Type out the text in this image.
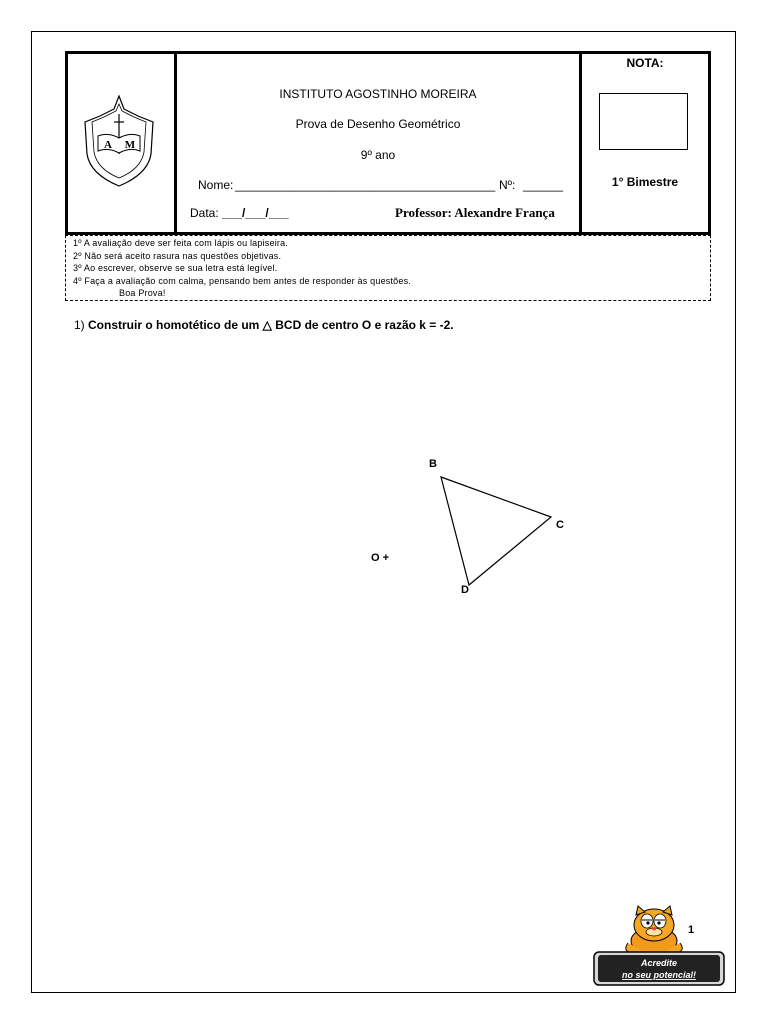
A M
INSTITUTO AGOSTINHO MOREIRA
Prova de Desenho Geométrico
9º ano
Nome: _______________________________________ Nº: ______
Data: ___/___/___	Professor: Alexandre França
NOTA:
1° Bimestre
1º A avaliação deve ser feita com lápis ou lapiseira.
2º Não será aceito rasura nas questões objetivas.
3º Ao escrever, observe se sua letra está legível.
4º Faça a avaliação com calma, pensando bem antes de responder às questões.
Boa Prova!
1) Construir o homotético de um △ BCD de centro O e razão k = -2.
B
C
D
O +
1
Acredite
no seu potencial!
